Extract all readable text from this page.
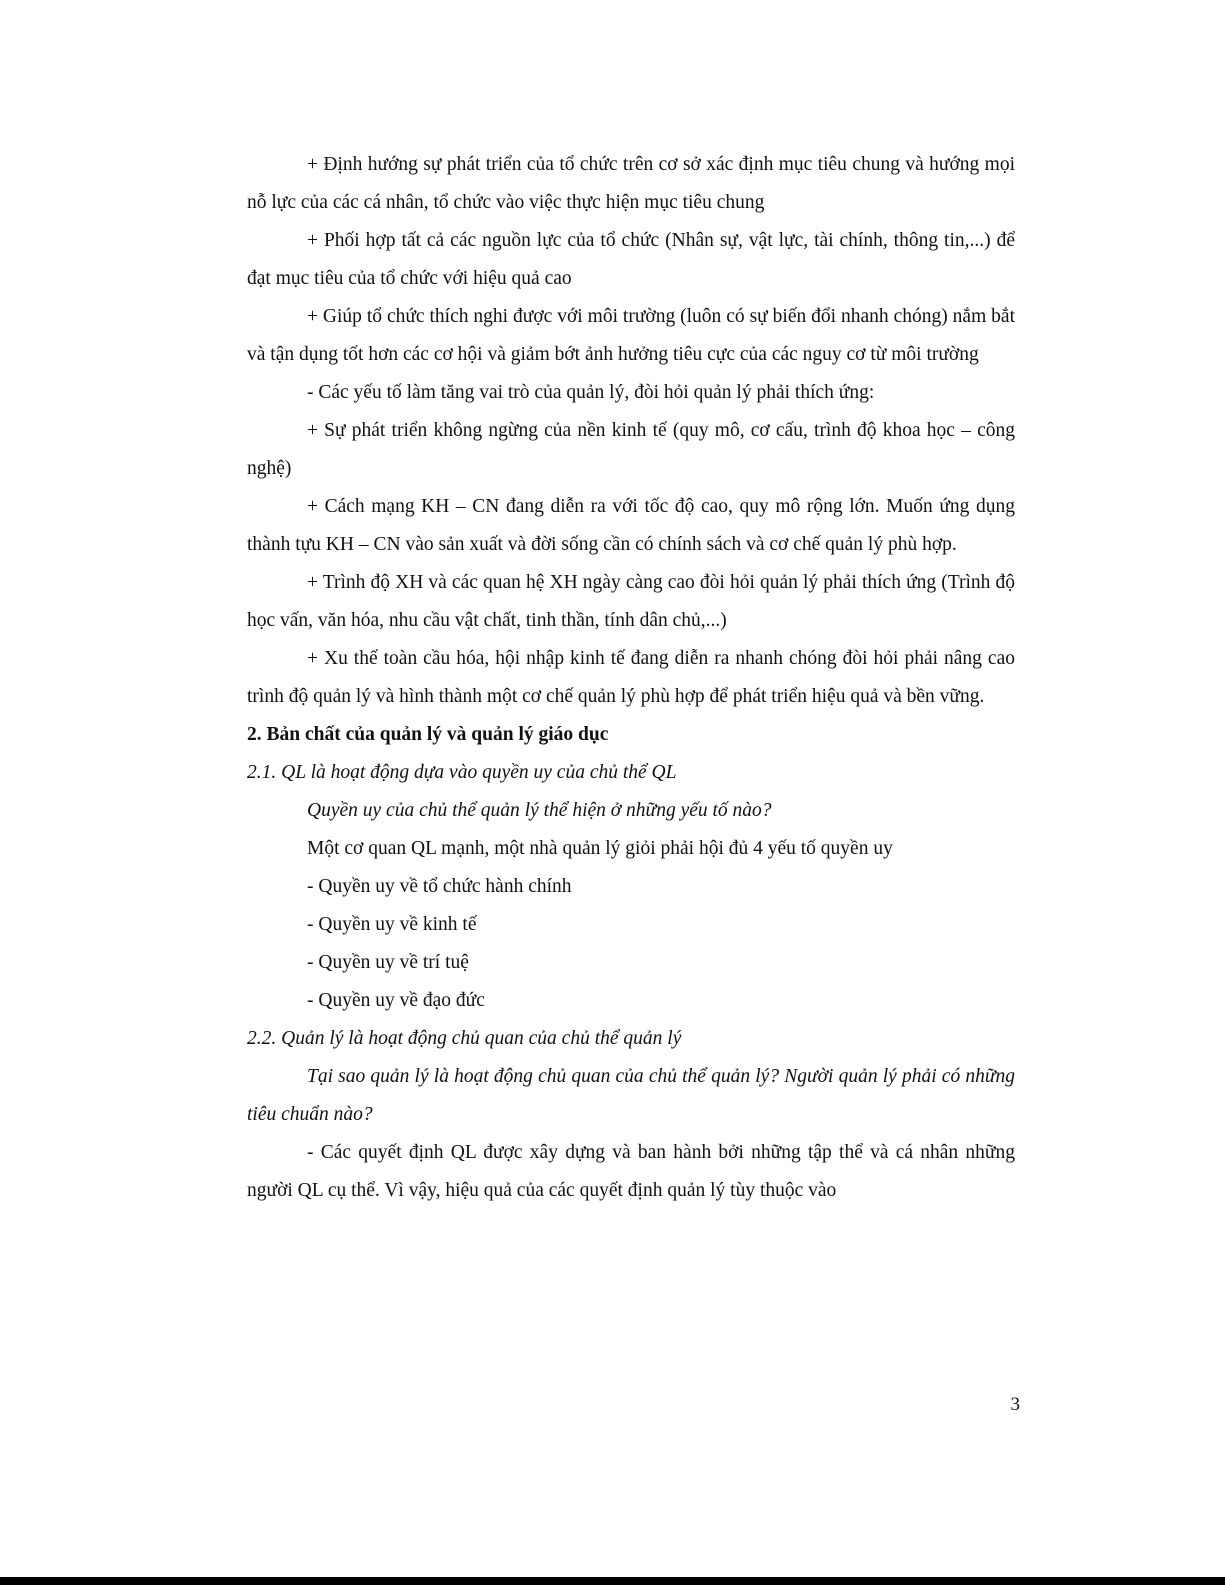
+ Định hướng sự phát triển của tổ chức trên cơ sở xác định mục tiêu chung và hướng mọi nỗ lực của các cá nhân, tổ chức vào việc thực hiện mục tiêu chung

+ Phối hợp tất cả các nguồn lực của tổ chức (Nhân sự, vật lực, tài chính, thông tin,...) để đạt mục tiêu của tổ chức với hiệu quả cao

+ Giúp tổ chức thích nghi được với môi trường (luôn có sự biến đổi nhanh chóng) nắm bắt và tận dụng tốt hơn các cơ hội và giảm bớt ảnh hưởng tiêu cực của các nguy cơ từ môi trường

- Các yếu tố làm tăng vai trò của quản lý, đòi hỏi quản lý phải thích ứng:

+ Sự phát triển không ngừng của nền kinh tế (quy mô, cơ cấu, trình độ khoa học – công nghệ)

+ Cách mạng KH – CN đang diễn ra với tốc độ cao, quy mô rộng lớn. Muốn ứng dụng thành tựu KH – CN vào sản xuất và đời sống cần có chính sách và cơ chế quản lý phù hợp.

+ Trình độ XH và các quan hệ XH ngày càng cao đòi hỏi quản lý phải thích ứng (Trình độ học vấn, văn hóa, nhu cầu vật chất, tinh thần, tính dân chủ,...)

+ Xu thế toàn cầu hóa, hội nhập kinh tế đang diễn ra nhanh chóng đòi hỏi phải nâng cao trình độ quản lý và hình thành một cơ chế quản lý phù hợp để phát triển hiệu quả và bền vững.

2. Bản chất của quản lý và quản lý giáo dục

2.1. QL là hoạt động dựa vào quyền uy của chủ thể QL

Quyền uy của chủ thể quản lý thể hiện ở những yếu tố nào?

Một cơ quan QL mạnh, một nhà quản lý giỏi phải hội đủ 4 yếu tố quyền uy

- Quyền uy về tổ chức hành chính

- Quyền uy về kinh tế

- Quyền uy về trí tuệ

- Quyền uy về đạo đức

2.2. Quản lý là hoạt động chủ quan của chủ thể quản lý

Tại sao quản lý là hoạt động chủ quan của chủ thể quản lý? Người quản lý phải có những tiêu chuẩn nào?

- Các quyết định QL được xây dựng và ban hành bởi những tập thể và cá nhân những người QL cụ thể. Vì vậy, hiệu quả của các quyết định quản lý tùy thuộc vào

3
